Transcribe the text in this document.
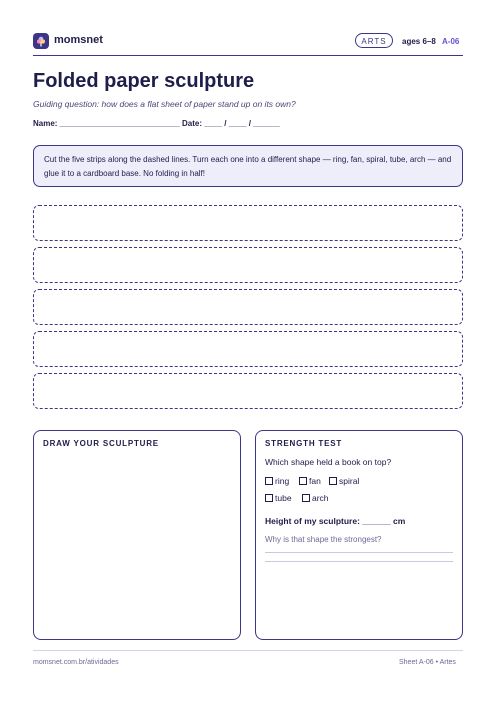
momsnet	ARTS	ages 6–8 A-06
Folded paper sculpture
Guiding question: how does a flat sheet of paper stand up on its own?
Name: ___________________________ Date: ____ / ____ / ______
Cut the five strips along the dashed lines. Turn each one into a different shape — ring, fan, spiral, tube, arch — and glue it to a cardboard base. No folding in half!
DRAW YOUR SCULPTURE	STRENGTH TEST
Which shape held a book on top?
ring	fan	spiral
tube	arch
Height of my sculpture: ______ cm
Why is that shape the strongest?
momsnet.com.br/atividades	Sheet A-06 • Artes
